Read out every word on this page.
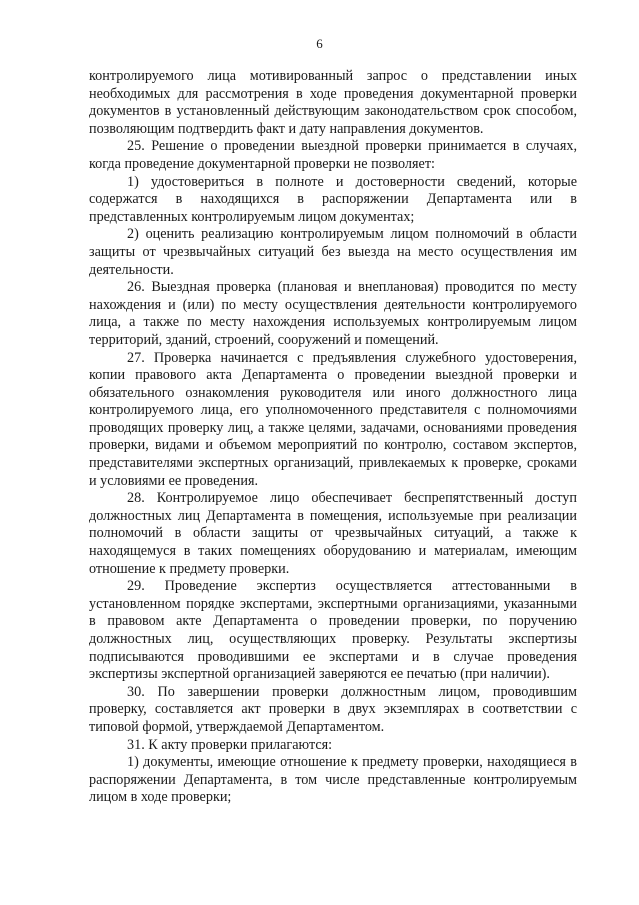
6

контролируемого лица мотивированный запрос о представлении иных необходимых для рассмотрения в ходе проведения документарной проверки документов в установленный действующим законодательством срок способом, позволяющим подтвердить факт и дату направления документов.

25. Решение о проведении выездной проверки принимается в случаях, когда проведение документарной проверки не позволяет:

1) удостовериться в полноте и достоверности сведений, которые содержатся в находящихся в распоряжении Департамента или в представленных контролируемым лицом документах;

2) оценить реализацию контролируемым лицом полномочий в области защиты от чрезвычайных ситуаций без выезда на место осуществления им деятельности.

26. Выездная проверка (плановая и внеплановая) проводится по месту нахождения и (или) по месту осуществления деятельности контролируемого лица, а также по месту нахождения используемых контролируемым лицом территорий, зданий, строений, сооружений и помещений.

27. Проверка начинается с предъявления служебного удостоверения, копии правового акта Департамента о проведении выездной проверки и обязательного ознакомления руководителя или иного должностного лица контролируемого лица, его уполномоченного представителя с полномочиями проводящих проверку лиц, а также целями, задачами, основаниями проведения проверки, видами и объемом мероприятий по контролю, составом экспертов, представителями экспертных организаций, привлекаемых к проверке, сроками и условиями ее проведения.

28. Контролируемое лицо обеспечивает беспрепятственный доступ должностных лиц Департамента в помещения, используемые при реализации полномочий в области защиты от чрезвычайных ситуаций, а также к находящемуся в таких помещениях оборудованию и материалам, имеющим отношение к предмету проверки.

29. Проведение экспертиз осуществляется аттестованными в установленном порядке экспертами, экспертными организациями, указанными в правовом акте Департамента о проведении проверки, по поручению должностных лиц, осуществляющих проверку. Результаты экспертизы подписываются проводившими ее экспертами и в случае проведения экспертизы экспертной организацией заверяются ее печатью (при наличии).

30. По завершении проверки должностным лицом, проводившим проверку, составляется акт проверки в двух экземплярах в соответствии с типовой формой, утверждаемой Департаментом.

31. К акту проверки прилагаются:

1) документы, имеющие отношение к предмету проверки, находящиеся в распоряжении Департамента, в том числе представленные контролируемым лицом в ходе проверки;
